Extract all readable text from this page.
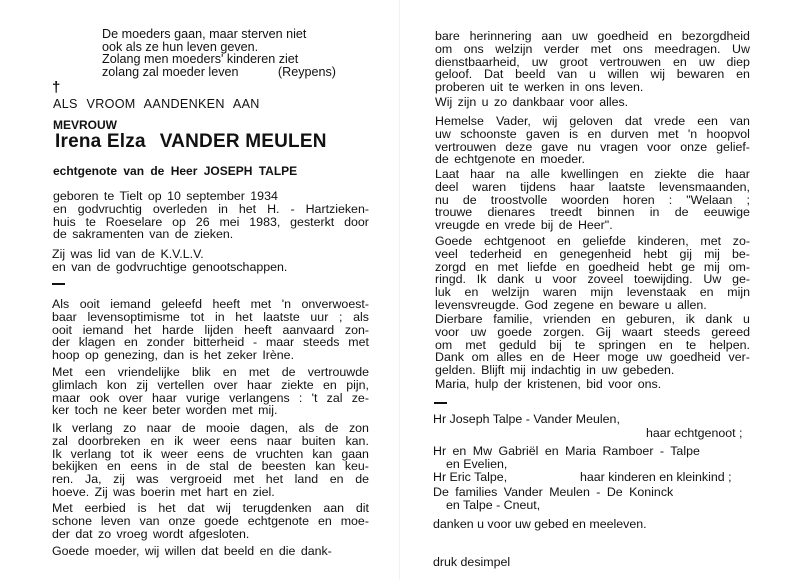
De moeders gaan, maar sterven niet
ook als ze hun leven geven.
Zolang men moeders' kinderen ziet
zolang zal moeder leven	(Reypens)
†
ALS VROOM AANDENKEN AAN
MEVROUW
Irena Elza VANDER MEULEN
echtgenote van de Heer JOSEPH TALPE
geboren te Tielt op 10 september 1934
en godvruchtig overleden in het H. - Hartzieken-
huis te Roeselare op 26 mei 1983, gesterkt door
de sakramenten van de zieken.
Zij was lid van de K.V.L.V.
en van de godvruchtige genootschappen.
Als ooit iemand geleefd heeft met 'n onverwoest-
baar levensoptimisme tot in het laatste uur ; als
ooit iemand het harde lijden heeft aanvaard zon-
der klagen en zonder bitterheid - maar steeds met
hoop op genezing, dan is het zeker Irène.
Met een vriendelijke blik en met de vertrouwde
glimlach kon zij vertellen over haar ziekte en pijn,
maar ook over haar vurige verlangens : 't zal ze-
ker toch ne keer beter worden met mij.
Ik verlang zo naar de mooie dagen, als de zon
zal doorbreken en ik weer eens naar buiten kan.
Ik verlang tot ik weer eens de vruchten kan gaan
bekijken en eens in de stal de beesten kan keu-
ren. Ja, zij was vergroeid met het land en de
hoeve. Zij was boerin met hart en ziel.
Met eerbied is het dat wij terugdenken aan dit
schone leven van onze goede echtgenote en moe-
der dat zo vroeg wordt afgesloten.
Goede moeder, wij willen dat beeld en die dank-
bare herinnering aan uw goedheid en bezorgdheid
om ons welzijn verder met ons meedragen. Uw
dienstbaarheid, uw groot vertrouwen en uw diep
geloof. Dat beeld van u willen wij bewaren en
proberen uit te werken in ons leven.
Wij zijn u zo dankbaar voor alles.
Hemelse Vader, wij geloven dat vrede een van
uw schoonste gaven is en durven met 'n hoopvol
vertrouwen deze gave nu vragen voor onze gelief-
de echtgenote en moeder.
Laat haar na alle kwellingen en ziekte die haar
deel waren tijdens haar laatste levensmaanden,
nu de troostvolle woorden horen : "Welaan ;
trouwe dienares treedt binnen in de eeuwige
vreugde en vrede bij de Heer".
Goede echtgenoot en geliefde kinderen, met zo-
veel tederheid en genegenheid hebt gij mij be-
zorgd en met liefde en goedheid hebt ge mij om-
ringd. Ik dank u voor zoveel toewijding. Uw ge-
luk en welzijn waren mijn levenstaak en mijn
levensvreugde. God zegene en beware u allen.
Dierbare familie, vrienden en geburen, ik dank u
voor uw goede zorgen. Gij waart steeds gereed
om met geduld bij te springen en te helpen.
Dank om alles en de Heer moge uw goedheid ver-
gelden. Blijft mij indachtig in uw gebeden.
Maria, hulp der kristenen, bid voor ons.
Hr Joseph Talpe - Vander Meulen,
haar echtgenoot ;
Hr en Mw Gabriël en Maria Ramboer - Talpe
en Evelien,
Hr Eric Talpe,	haar kinderen en kleinkind ;
De families Vander Meulen - De Koninck
en Talpe - Cneut,
danken u voor uw gebed en meeleven.
druk desimpel
